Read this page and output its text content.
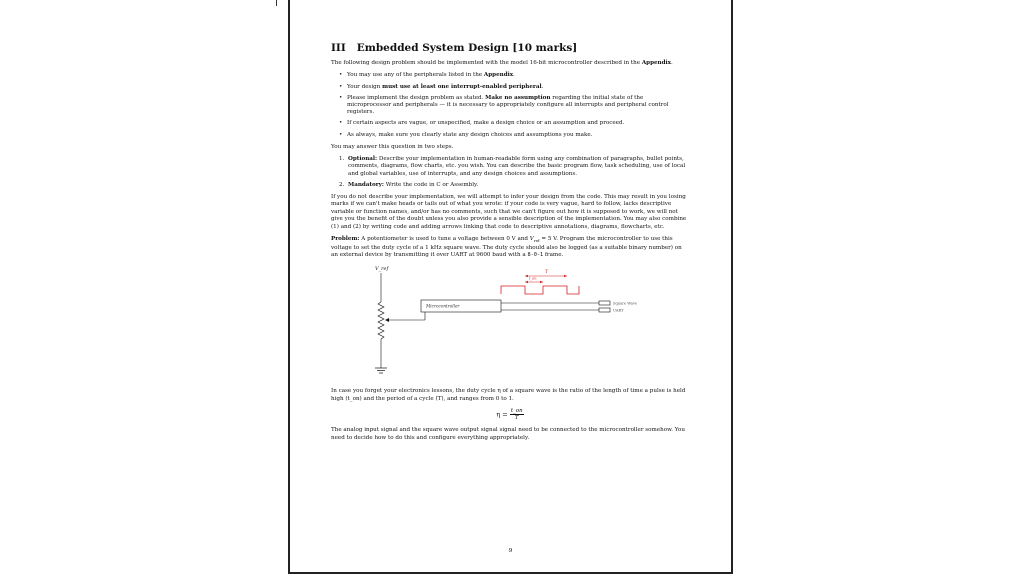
III Embedded System Design [10 marks]
The following design problem should be implemented with the model 16-bit microcontroller described in the Appendix.
• You may use any of the peripherals listed in the Appendix.
• Your design must use at least one interrupt-enabled peripheral.
• Please implement the design problem as stated. Make no assumption regarding the initial state of the microprocessor and peripherals — it is necessary to appropriately configure all interrupts and peripheral control registers.
• If certain aspects are vague, or unspecified, make a design choice or an assumption and proceed.
• As always, make sure you clearly state any design choices and assumptions you make.
You may answer this question in two steps.
1. Optional: Describe your implementation in human-readable form using any combination of paragraphs, bullet points, comments, diagrams, flow charts, etc. you wish. You can describe the basic program flow, task scheduling, use of local and global variables, use of interrupts, and any design choices and assumptions.
2. Mandatory: Write the code in C or Assembly.
If you do not describe your implementation, we will attempt to infer your design from the code. This may result in you losing marks if we can't make heads or tails out of what you wrote: if your code is very vague, hard to follow, lacks descriptive variable or function names, and/or has no comments, such that we can't figure out how it is supposed to work, we will not give you the benefit of the doubt unless you also provide a sensible description of the implementation. You may also combine (1) and (2) by writing code and adding arrows linking that code to descriptive annotations, diagrams, flowcharts, etc.
Problem: A potentiometer is used to tune a voltage between 0 V and $V_{ref} = 5$ V. Program the microcontroller to use this voltage to set the duty cycle of a 1 kHz square wave. The duty cycle should also be logged (as a suitable binary number) on an external device by transmitting it over UART at 9600 baud with a 8-0-1 frame.
V_ref
Microcontroller	Square Wave
UART
T
t_on
In case you forget your electronics lessons, the duty cycle η of a square wave is the ratio of the length of time a pulse is held high (t_on) and the period of a cycle (T), and ranges from 0 to 1.
$\eta = \frac{t\_on}{T}$
The analog input signal and the square wave output signal signal need to be connected to the microcontroller somehow. You need to decide how to do this and configure everything appropriately.
9
